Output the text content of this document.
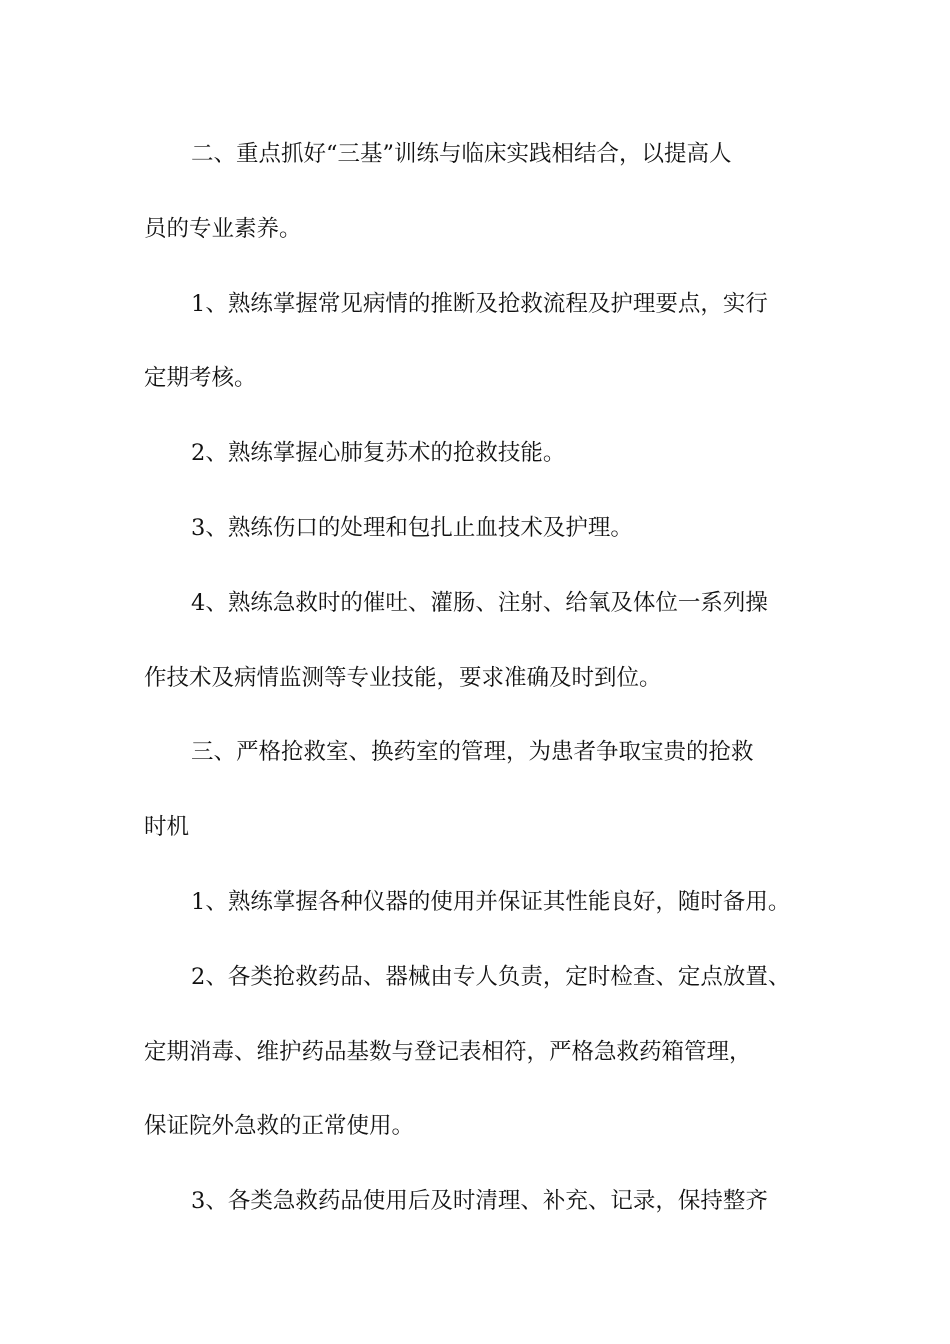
二、重点抓好“三基”训练与临床实践相结合，以提高人
员的专业素养。
1、熟练掌握常见病情的推断及抢救流程及护理要点，实行
定期考核。
2、熟练掌握心肺复苏术的抢救技能。
3、熟练伤口的处理和包扎止血技术及护理。
4、熟练急救时的催吐、灌肠、注射、给氧及体位一系列操
作技术及病情监测等专业技能，要求准确及时到位。
三、严格抢救室、换药室的管理，为患者争取宝贵的抢救
时机
1、熟练掌握各种仪器的使用并保证其性能良好，随时备用。
2、各类抢救药品、器械由专人负责，定时检查、定点放置、
定期消毒、维护药品基数与登记表相符，严格急救药箱管理，
保证院外急救的正常使用。
3、各类急救药品使用后及时清理、补充、记录，保持整齐
